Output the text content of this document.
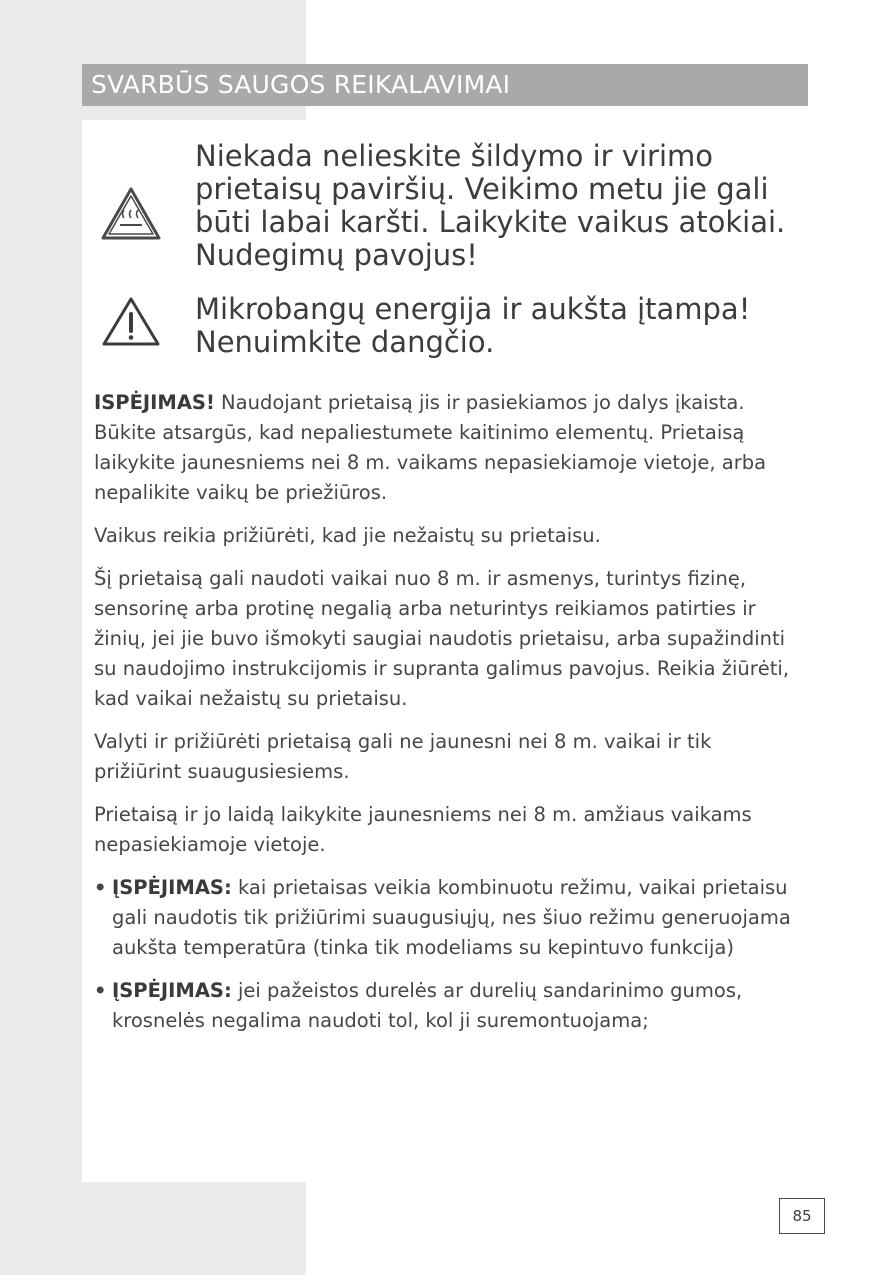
SVARBŪS SAUGOS REIKALAVIMAI
Niekada nelieskite šildymo ir virimo prietaisų paviršių. Veikimo metu jie gali būti labai karšti. Laikykite vaikus atokiai. Nudegimų pavojus!
Mikrobangų energija ir aukšta įtampa! Nenuimkite dangčio.

ISPĖJIMAS! Naudojant prietaisą jis ir pasiekiamos jo dalys įkaista. Būkite atsargūs, kad nepaliestumete kaitinimo elementų. Prietaisą laikykite jaunesniems nei 8 m. vaikams nepasiekiamoje vietoje, arba nepalikite vaikų be priežiūros.

Vaikus reikia prižiūrėti, kad jie nežaistų su prietaisu.

Šį prietaisą gali naudoti vaikai nuo 8 m. ir asmenys, turintys fizinę, sensorinę arba protinę negalią arba neturintys reikiamos patirties ir žinių, jei jie buvo išmokyti saugiai naudotis prietaisu, arba supažindinti su naudojimo instrukcijomis ir supranta galimus pavojus. Reikia žiūrėti, kad vaikai nežaistų su prietaisu.

Valyti ir prižiūrėti prietaisą gali ne jaunesni nei 8 m. vaikai ir tik prižiūrint suaugusiesiems.

Prietaisą ir jo laidą laikykite jaunesniems nei 8 m. amžiaus vaikams nepasiekiamoje vietoje.

• ĮSPĖJIMAS: kai prietaisas veikia kombinuotu režimu, vaikai prietaisu gali naudotis tik prižiūrimi suaugusiųjų, nes šiuo režimu generuojama aukšta temperatūra (tinka tik modeliams su kepintuvo funkcija)
• ĮSPĖJIMAS: jei pažeistos durelės ar durelių sandarinimo gumos, krosnelės negalima naudoti tol, kol ji suremontuojama;
85
